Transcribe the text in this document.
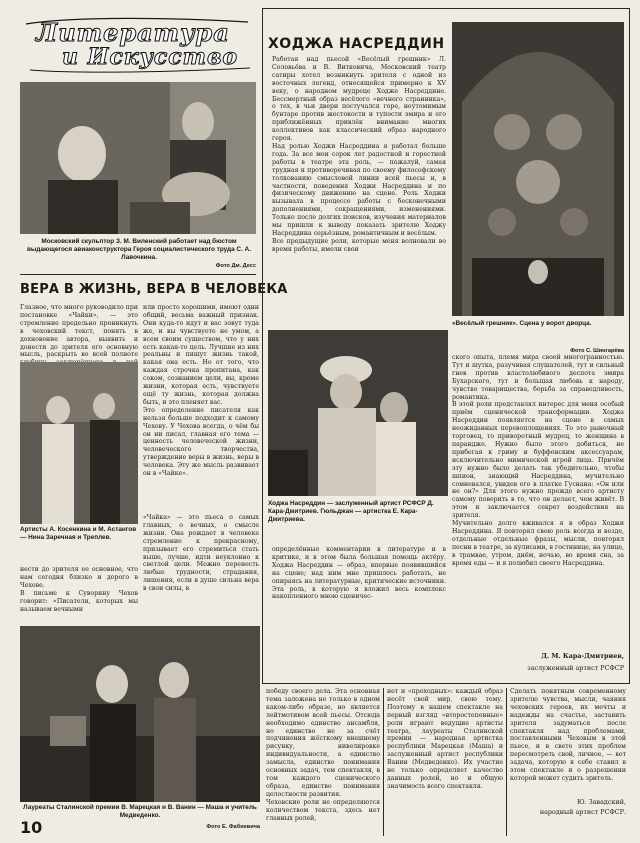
Литература
и Искусство
Московский скульптор З. М. Виленский работает над бюстом выдающегося авиаконструктора Героя социалистического труда С. А. Лавочкина.
Фото Дм. Десс
ВЕРА В ЖИЗНЬ, ВЕРА В ЧЕЛОВЕКА
Глазное, что много руководило при постановке «Чайки», — это стремление предельно проникнуть в чеховский текст, понять в дохновение автора, выявить и донести до зрителя его основную мысль, раскрыть во всей полноте
или просто хорошими, имеют одни общий, весьма важный признак. Они куда-то идут и вас зовут туда же, и вы чувствуете не умом, а всем своим существом, что у них есть какая-то цель. Лучшие из них реальны и пишут жизнь такой, какая она есть. Но от того, что каждая строчка пропитана, как соком, сознанием цели, вы, кроме жизни, которая есть, чувствуете ещё ту жизнь, которая должна быть, и это пленяет вас.
Это определение писателя как нельзя больше подходит к самому Чехову. У Чехова всегда, о чём бы он ни писал, главная его тема — ценность человеческой жизни, человеческого творчества, утверждение веры в жизнь, веры в человека. Эту же мысль развивает он в «Чайке».
«Чайка» — это пьеса о самых главных, о вечных, о смысле жизни. Она рождает в человеке стремление к прекрасному, призывает его стремиться стать выше, лучше, идти неуклонно к светлой цели. Можно перенесть любые трудности, страдания, лишения, если в душе сильна вера в свои силы, в
Артисты А. Косенкина и М. Астангов — Нина Заречная и Треплев.
нести до зрителя ее основное, что нам сегодня близко и дорого в Чехове.
В письме к Суворину Чехов говорит: «Писатели, которых мы называем вечными
Лауреаты Сталинской премии В. Марецкая и В. Ванин — Маша и учитель Медведенко.
Фото Е. Фабиевича
победу своего дела. Эта основная тема заложена не только в одном каком-либо образе, но является лейтмотивом всей пьесы. Отсюда необходимо единство ансамбля, но единство не за счёт подчинения жёсткому внешнему рисунку, нивелировке индивидуальности, а единство замысла, единство понимания основных задач, тем спектакля, в том каждого сценического образа, единство понимания целостности развития.
Чеховские роли не определяются количеством текста, здесь нет главных ролей,
нет и «проходных»: каждый образ несёт свой мир, свою тему. Поэтому в нашем спектакле на первый взгляд «второстепенные» роли играют ведущие артисты театра, лауреаты Сталинской премии — народная артистка республики Марецкая (Маша) и заслуженный артист республики Ванин (Медведенко). Их участие не только определяет качество данных ролей, но и общую значимость всего спектакля.
Сделать понятным современному зрителю чувства, мысли, чаяния чеховских героев, их мечты и надежды на счастье, заставить зрителя задуматься после спектакля над проблемами, поставленными Чеховым в этой пьесе, и в свете этих проблем пересмотреть свой, личное, — вот задача, которую я себе ставил в этом спектакле и о разрешении которой может судить зритель.
Ю. Завадский,
народный артист РСФСР.
ХОДЖА НАСРЕДДИН
«Весёлый грешник». Сцена у ворот дворца.
Фото С. Шингарёва
Работая над пьесой «Весёлый грешник» Л. Соловьёва и В. Витковича, Московский театр сатиры хотел возникнуть зрителя с одной из восточных легенд, относящейся примерно к XV веку, о народном мудреце Ходже Насреддине. Бессмертный образ весёлого «вечного странника», о тех, в чьи двери постучался горе, неутомимым бунтаре против жестокости и тупости эмира и его приближённых привлёк внимание многих коллективов как классический образ народного героя.
Над ролью Ходжи Насреддина я работал больше года. За все мои сорок лет радостной и горестной работы в театре эта роль, — пожалуй, самая трудная и противоречивая по своему философскому толкованию смысловой линии всей пьесы и, в частности, поведения Ходжи Насреддина и по физическому движению на сцене. Роль Ходжи вызывала в процессе работы с бесконечными дополнениями, сокращениями, изменениями. Только после долгих поисков, изучения материалов мы пришли к выводу показать зрителю Ходжу Насреддина серьёзным, романтичным и весёлым.
Все предыдущие роли, которые меня волновали во время работы, имели свои
Ходжа Насреддин — заслуженный артист РСФСР Д. Кара-Дмитриев. Гюльджан — артистка Е. Кара-Дмитриева.
определённые комментарии в литературе и в критике, и в этом была большая помощь актёру. Ходжа Насреддин — образ, впервые появившийся на сцене; над ним мне пришлось работать, не опираясь на литературные, критические источники. Эта роль, в которую я вложил весь комплекс накопленного мною сценичес-
ского опыта, племя мира своей многогранностью. Тут и шутка, разучивая слушателей, тут и сильный гнев против властолюбивого деспота эмира Бухарского, тут и большая любовь к народу, чувство товарищества, борьба за справедливость, романтика.
В этой роли представлял интерес для меня особый приём сценической трансформации. Ходжа Насреддин появляется на сцене в самых неожиданных перевоплощениях. То это рыночный торговец, то приворотный мудрец, то женщина в парандже. Нужно было этого добиться, не прибегая к гриму и буффонским аксессуарам, исключительно мимической игрой лица. Причём эту нужно было делать так убедительно, чтобы шпион, знающий Насреддина, мучительно сомневался, увидев его в платке Гуснана: «Он или не он?» Для этого нужно прежде всего артисту самому поверить в то, что он делает, чем живёт. В этом и заключается секрет воздействия на зрителя.
Мучительно долго вживался я в образ Ходжи Насреддина. Я повторял свою роль всегда и везде, отдельные отдельные фразы, мысли, повторял песни в театре, за кулисами, в гостинице, на улице, в трамвае, утром, днём, ночью, во время сна, за время еды — и я полюбил своего Насреддина.
Д. М. Кара-Дмитриев,
заслуженный артист РСФСР
10
